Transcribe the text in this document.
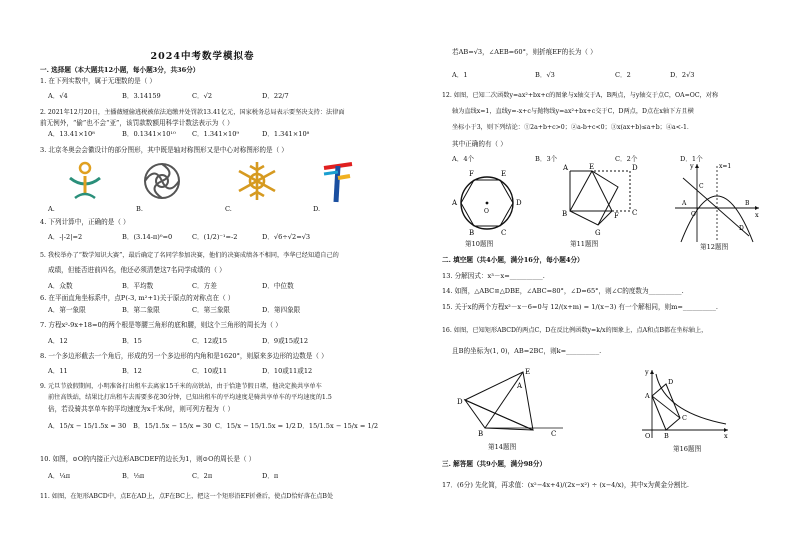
2024中考数学模拟卷
一. 选择题（本大题共12小题，每小题3分，共36分）
1. 在下列实数中，属于无理数的是（ ）
A．√4	B．3.14159	C．√2	D．22/7
2. 2021年12月20日，主播薇娅偷逃税被依法追缴并处罚款13.41亿元，国家税务总局表示要坚决支持：法律面
前无例外，“偷”也不会“亚”，该罚款数额用科学计数法表示为（ ）
A．13.41×10⁸	B．0.1341×10¹⁰ C．1.341×10⁹	D．1.341×10⁸
3. 北京冬奥会会徽设计的部分图形，其中既是轴对称图形又是中心对称图形的是（ ）
A.	B.	C.	D.
4. 下列计算中，正确的是（ ）
A．-|-2|=2	B．(3.14-π)⁰=0	C．(1/2)⁻¹=-2	D．√6÷√2=√3
5. 我校举办了“数学知识大赛”，最后确定了名同学参加决赛，他们的决赛成绩各不相同，李华已经知道自己的
成绩，但能否进前四名，他还必须清楚这7名同学成绩的（ ）
A．众数	B．平均数	C．方差	D．中位数
6. 在平面直角坐标系中，点P(-3, m²+1)关于原点的对称点在（ ）
A．第一象限	B．第二象限	C．第三象限	D．第四象限
7. 方程x²-9x+18=0的两个根是等腰三角形的底和腰，则这个三角形的周长为（ ）
A．12	B．15	C．12或15	D．9或15或12
8. 一个多边形截去一个角后，形成的另一个多边形的内角和是1620°，则原来多边形的边数是（ ）
A．11	B．12	C．10或11	D．10或11或12
9. 元旦节放假期间，小明准备打出租车去离家15千米的高铁站，由于恰逢节假日堵，他决定换共享单车
前往高铁站，结果比打出租车去需要多花30分钟，已知出租车的平均速度是骑共享单车的平均速度的1.5
倍，若设骑共享单车的平均速度为x千米/时，则可列方程为（ ）
A．15/x − 15/1.5x = 30 B．15/1.5x − 15/x = 30 C．15/x − 15/1.5x = 1/2 D．15/1.5x − 15/x = 1/2
10. 如图，⊙O的内接正六边形ABCDEF的边长为1，则⊙O的周长是（ ）
A．¼π	B．⅓π	C．2π	D．π
11. 如图，在矩形ABCD中，点E在AD上，点F在BC上，把这一个矩形沿EF折叠后，使点D恰好落在点B处
若AB=√3，∠AEB=60°，则折痕EF的长为（ ）
A．1	B．√3	C．2	D．2√3
12. 如图，已知二次函数y=ax²+bx+c的图象与x轴交于A，B两点，与y轴交于点C，OA=OC，对称
轴为直线x=1，直线y=-x+c与抛物线y=ax²+bx+c交于C，D两点，D点在x轴下方且横
坐标小于3，则下列结论：①2a+b+c>0；②a-b+c<0；③x(ax+b)≤a+b；④a<-1．
其中正确的有（ ）
A．4个	B．3个	C．2个	D．1个
F	E
A	D
B	C
O
第10题图
A	E	D
B	F C
G
第11题图
y
x
x=1
O
A	B
C
D
第12题图
二. 填空题（共4小题，满分16分，每小题4分）
13. 分解因式：x³－x=__________.
14. 如图，△ABC≌△DBE，∠ABC=80°，∠D=65°，则∠C的度数为__________.
15. 关于x的两个方程x²－x－6=0与 12/(x+m) = 1/(x−3) 有一个解相同，则m=__________.
16. 如图，已知矩形ABCD的两点C，D在反比例函数y=k/x的图象上，点A和点B都在坐标轴上，
且B的坐标为(1, 0)，AB=2BC，则k=__________.
E
A
D
B	C
第14题图
y
x
O
A
B
C
D
第16题图
三. 解答题（共9小题，满分98分）
17．(6分) 先化简，再求值：(x²−4x+4)/(2x−x²) ÷ (x−4/x)，其中x为黄金分割比.
